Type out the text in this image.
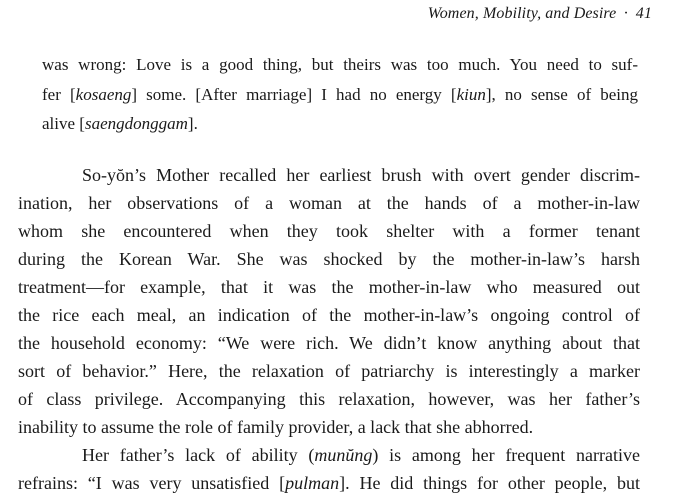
Women, Mobility, and Desire · 41
was wrong: Love is a good thing, but theirs was too much. You need to suf-
fer [kosaeng] some. [After marriage] I had no energy [kiun], no sense of being
alive [saengdonggam].
So-yŏn’s Mother recalled her earliest brush with overt gender discrim-
ination, her observations of a woman at the hands of a mother-in-law
whom she encountered when they took shelter with a former tenant
during the Korean War. She was shocked by the mother-in-law’s harsh
treatment—for example, that it was the mother-in-law who measured out
the rice each meal, an indication of the mother-in-law’s ongoing control of
the household economy: “We were rich. We didn’t know anything about that
sort of behavior.” Here, the relaxation of patriarchy is interestingly a marker
of class privilege. Accompanying this relaxation, however, was her father’s
inability to assume the role of family provider, a lack that she abhorred.
Her father’s lack of ability (munŭng) is among her frequent narrative
refrains: “I was very unsatisfied [pulman]. He did things for other people, but
